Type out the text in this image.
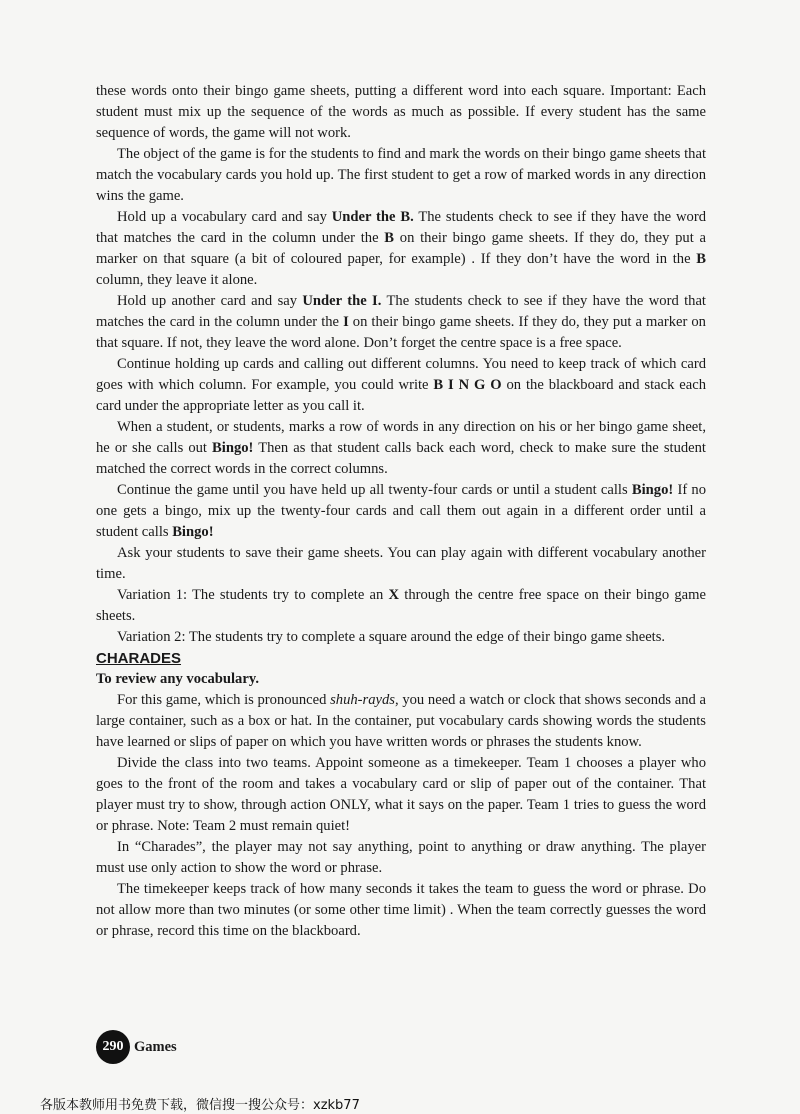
these words onto their bingo game sheets, putting a different word into each square. Important: Each student must mix up the sequence of the words as much as possible. If every student has the same sequence of words, the game will not work.

The object of the game is for the students to find and mark the words on their bingo game sheets that match the vocabulary cards you hold up. The first student to get a row of marked words in any direction wins the game.

Hold up a vocabulary card and say Under the B. The students check to see if they have the word that matches the card in the column under the B on their bingo game sheets. If they do, they put a marker on that square (a bit of coloured paper, for example) . If they don’t have the word in the B column, they leave it alone.

Hold up another card and say Under the I. The students check to see if they have the word that matches the card in the column under the I on their bingo game sheets. If they do, they put a marker on that square. If not, they leave the word alone. Don’t forget the centre space is a free space.

Continue holding up cards and calling out different columns. You need to keep track of which card goes with which column. For example, you could write B I N G O on the blackboard and stack each card under the appropriate letter as you call it.

When a student, or students, marks a row of words in any direction on his or her bingo game sheet, he or she calls out Bingo! Then as that student calls back each word, check to make sure the student matched the correct words in the correct columns.

Continue the game until you have held up all twenty-four cards or until a student calls Bingo! If no one gets a bingo, mix up the twenty-four cards and call them out again in a different order until a student calls Bingo!

Ask your students to save their game sheets. You can play again with different vocabulary another time.

Variation 1: The students try to complete an X through the centre free space on their bingo game sheets.

Variation 2: The students try to complete a square around the edge of their bingo game sheets.

CHARADES

To review any vocabulary.

For this game, which is pronounced shuh-rayds, you need a watch or clock that shows seconds and a large container, such as a box or hat. In the container, put vocabulary cards showing words the students have learned or slips of paper on which you have written words or phrases the students know.

Divide the class into two teams. Appoint someone as a timekeeper. Team 1 chooses a player who goes to the front of the room and takes a vocabulary card or slip of paper out of the container. That player must try to show, through action ONLY, what it says on the paper. Team 1 tries to guess the word or phrase. Note: Team 2 must remain quiet!

In “Charades”, the player may not say anything, point to anything or draw anything. The player must use only action to show the word or phrase.

The timekeeper keeps track of how many seconds it takes the team to guess the word or phrase. Do not allow more than two minutes (or some other time limit) . When the team correctly guesses the word or phrase, record this time on the blackboard.

290 Games
各版本教师用书免费下载，微信搜一搜公众号：xzkb77
